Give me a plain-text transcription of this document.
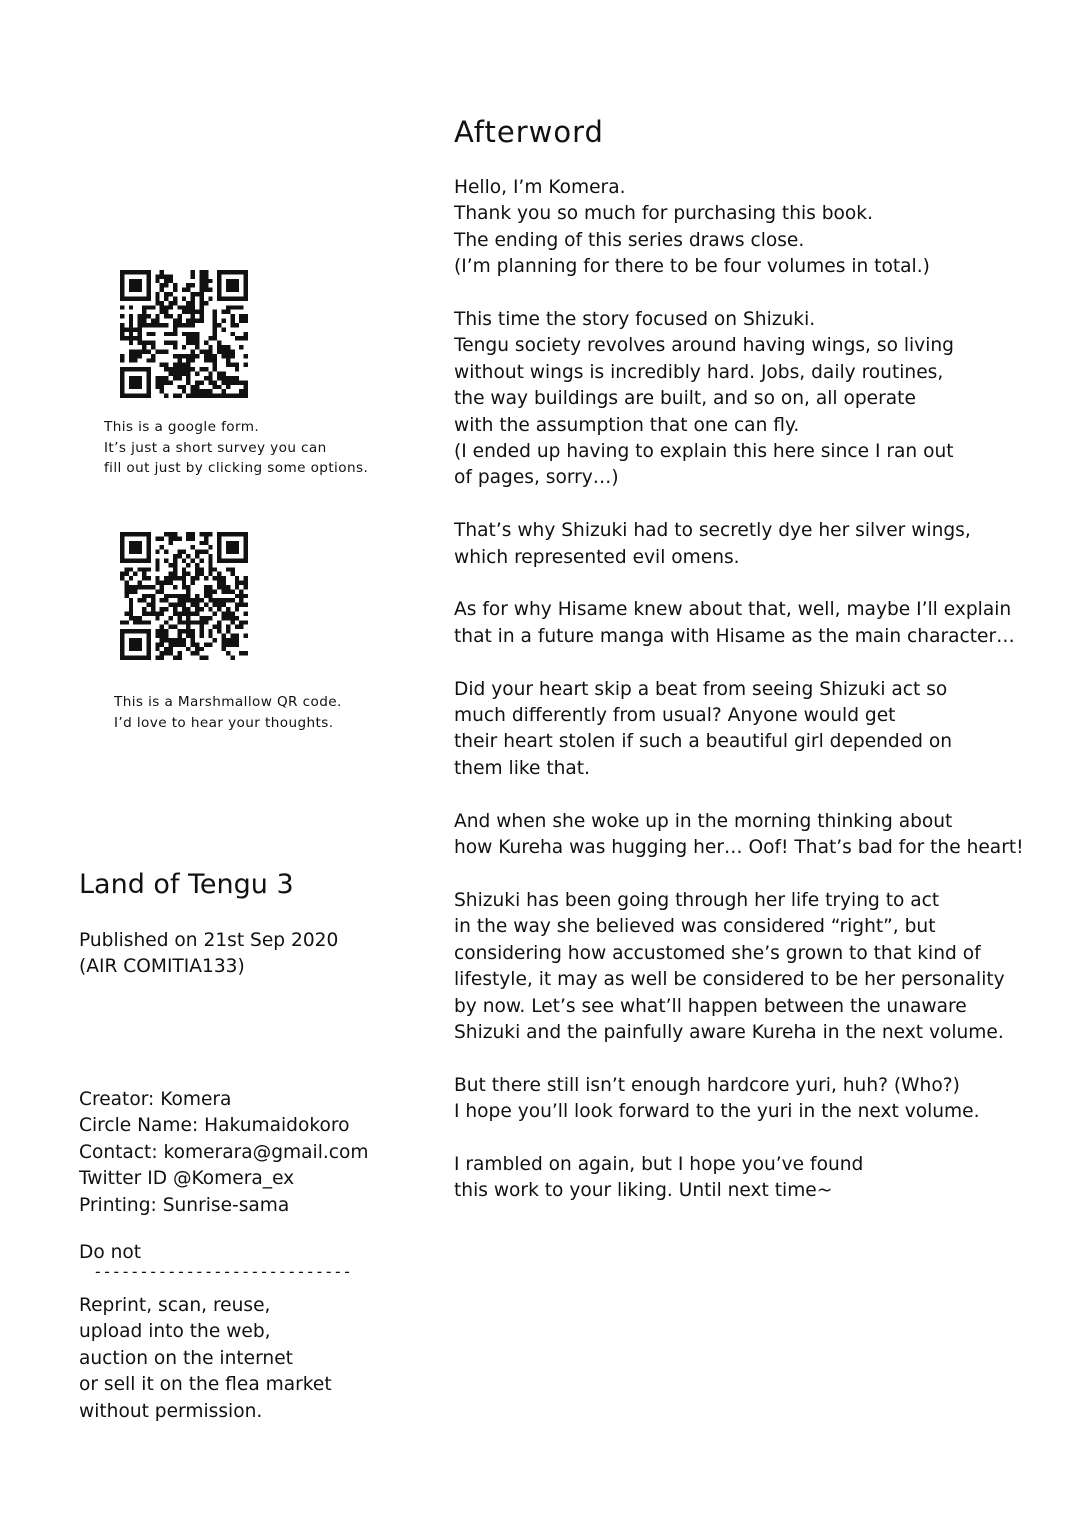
Afterword
Hello, I’m Komera.
Thank you so much for purchasing this book.
The ending of this series draws close.
(I’m planning for there to be four volumes in total.)
This time the story focused on Shizuki.
Tengu society revolves around having wings, so living
without wings is incredibly hard. Jobs, daily routines,
the way buildings are built, and so on, all operate
with the assumption that one can fly.
(I ended up having to explain this here since I ran out
of pages, sorry…)
That’s why Shizuki had to secretly dye her silver wings,
which represented evil omens.
As for why Hisame knew about that, well, maybe I’ll explain
that in a future manga with Hisame as the main character…
Did your heart skip a beat from seeing Shizuki act so
much differently from usual? Anyone would get
their heart stolen if such a beautiful girl depended on
them like that.
And when she woke up in the morning thinking about
how Kureha was hugging her… Oof! That’s bad for the heart!
Shizuki has been going through her life trying to act
in the way she believed was considered “right”, but
considering how accustomed she’s grown to that kind of
lifestyle, it may as well be considered to be her personality
by now. Let’s see what’ll happen between the unaware
Shizuki and the painfully aware Kureha in the next volume.
But there still isn’t enough hardcore yuri, huh? (Who?)
I hope you’ll look forward to the yuri in the next volume.
I rambled on again, but I hope you’ve found
this work to your liking. Until next time~
This is a google form.
It’s just a short survey you can
fill out just by clicking some options.
This is a Marshmallow QR code.
I’d love to hear your thoughts.
Land of Tengu 3
Published on 21st Sep 2020
(AIR COMITIA133)
Creator: Komera
Circle Name: Hakumaidokoro
Contact: komerara@gmail.com
Twitter ID @Komera_ex
Printing: Sunrise-sama
Do not
----------------------------
Reprint, scan, reuse,
upload into the web,
auction on the internet
or sell it on the flea market
without permission.
